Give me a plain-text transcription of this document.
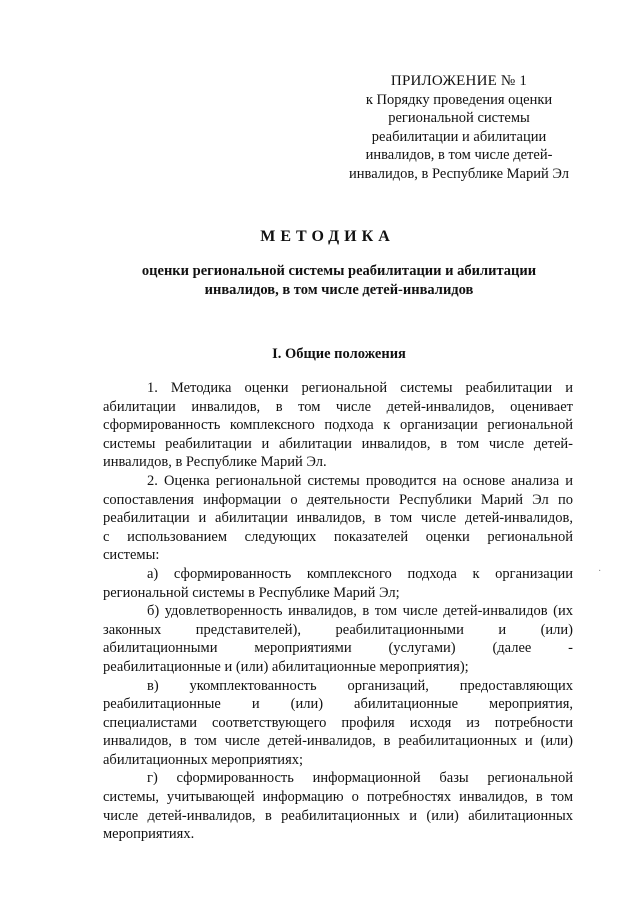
ПРИЛОЖЕНИЕ № 1
к Порядку проведения оценки
региональной системы
реабилитации и абилитации
инвалидов, в том числе детей-
инвалидов, в Республике Марий Эл
МЕТОДИКА
оценки региональной системы реабилитации и абилитации
инвалидов, в том числе детей-инвалидов
I. Общие положения
1. Методика оценки региональной системы реабилитации и
абилитации инвалидов, в том числе детей-инвалидов, оценивает
сформированность комплексного подхода к организации региональной
системы реабилитации и абилитации инвалидов, в том числе детей-
инвалидов, в Республике Марий Эл.
2. Оценка региональной системы проводится на основе анализа и
сопоставления информации о деятельности Республики Марий Эл по
реабилитации и абилитации инвалидов, в том числе детей-инвалидов,
с использованием следующих показателей оценки региональной
системы:
а) сформированность комплексного подхода к организации
региональной системы в Республике Марий Эл;
б) удовлетворенность инвалидов, в том числе детей-инвалидов (их
законных представителей), реабилитационными и (или)
абилитационными мероприятиями (услугами) (далее -
реабилитационные и (или) абилитационные мероприятия);
в) укомплектованность организаций, предоставляющих
реабилитационные и (или) абилитационные мероприятия,
специалистами соответствующего профиля исходя из потребности
инвалидов, в том числе детей-инвалидов, в реабилитационных и (или)
абилитационных мероприятиях;
г) сформированность информационной базы региональной
системы, учитывающей информацию о потребностях инвалидов, в том
числе детей-инвалидов, в реабилитационных и (или) абилитационных
мероприятиях.
·
